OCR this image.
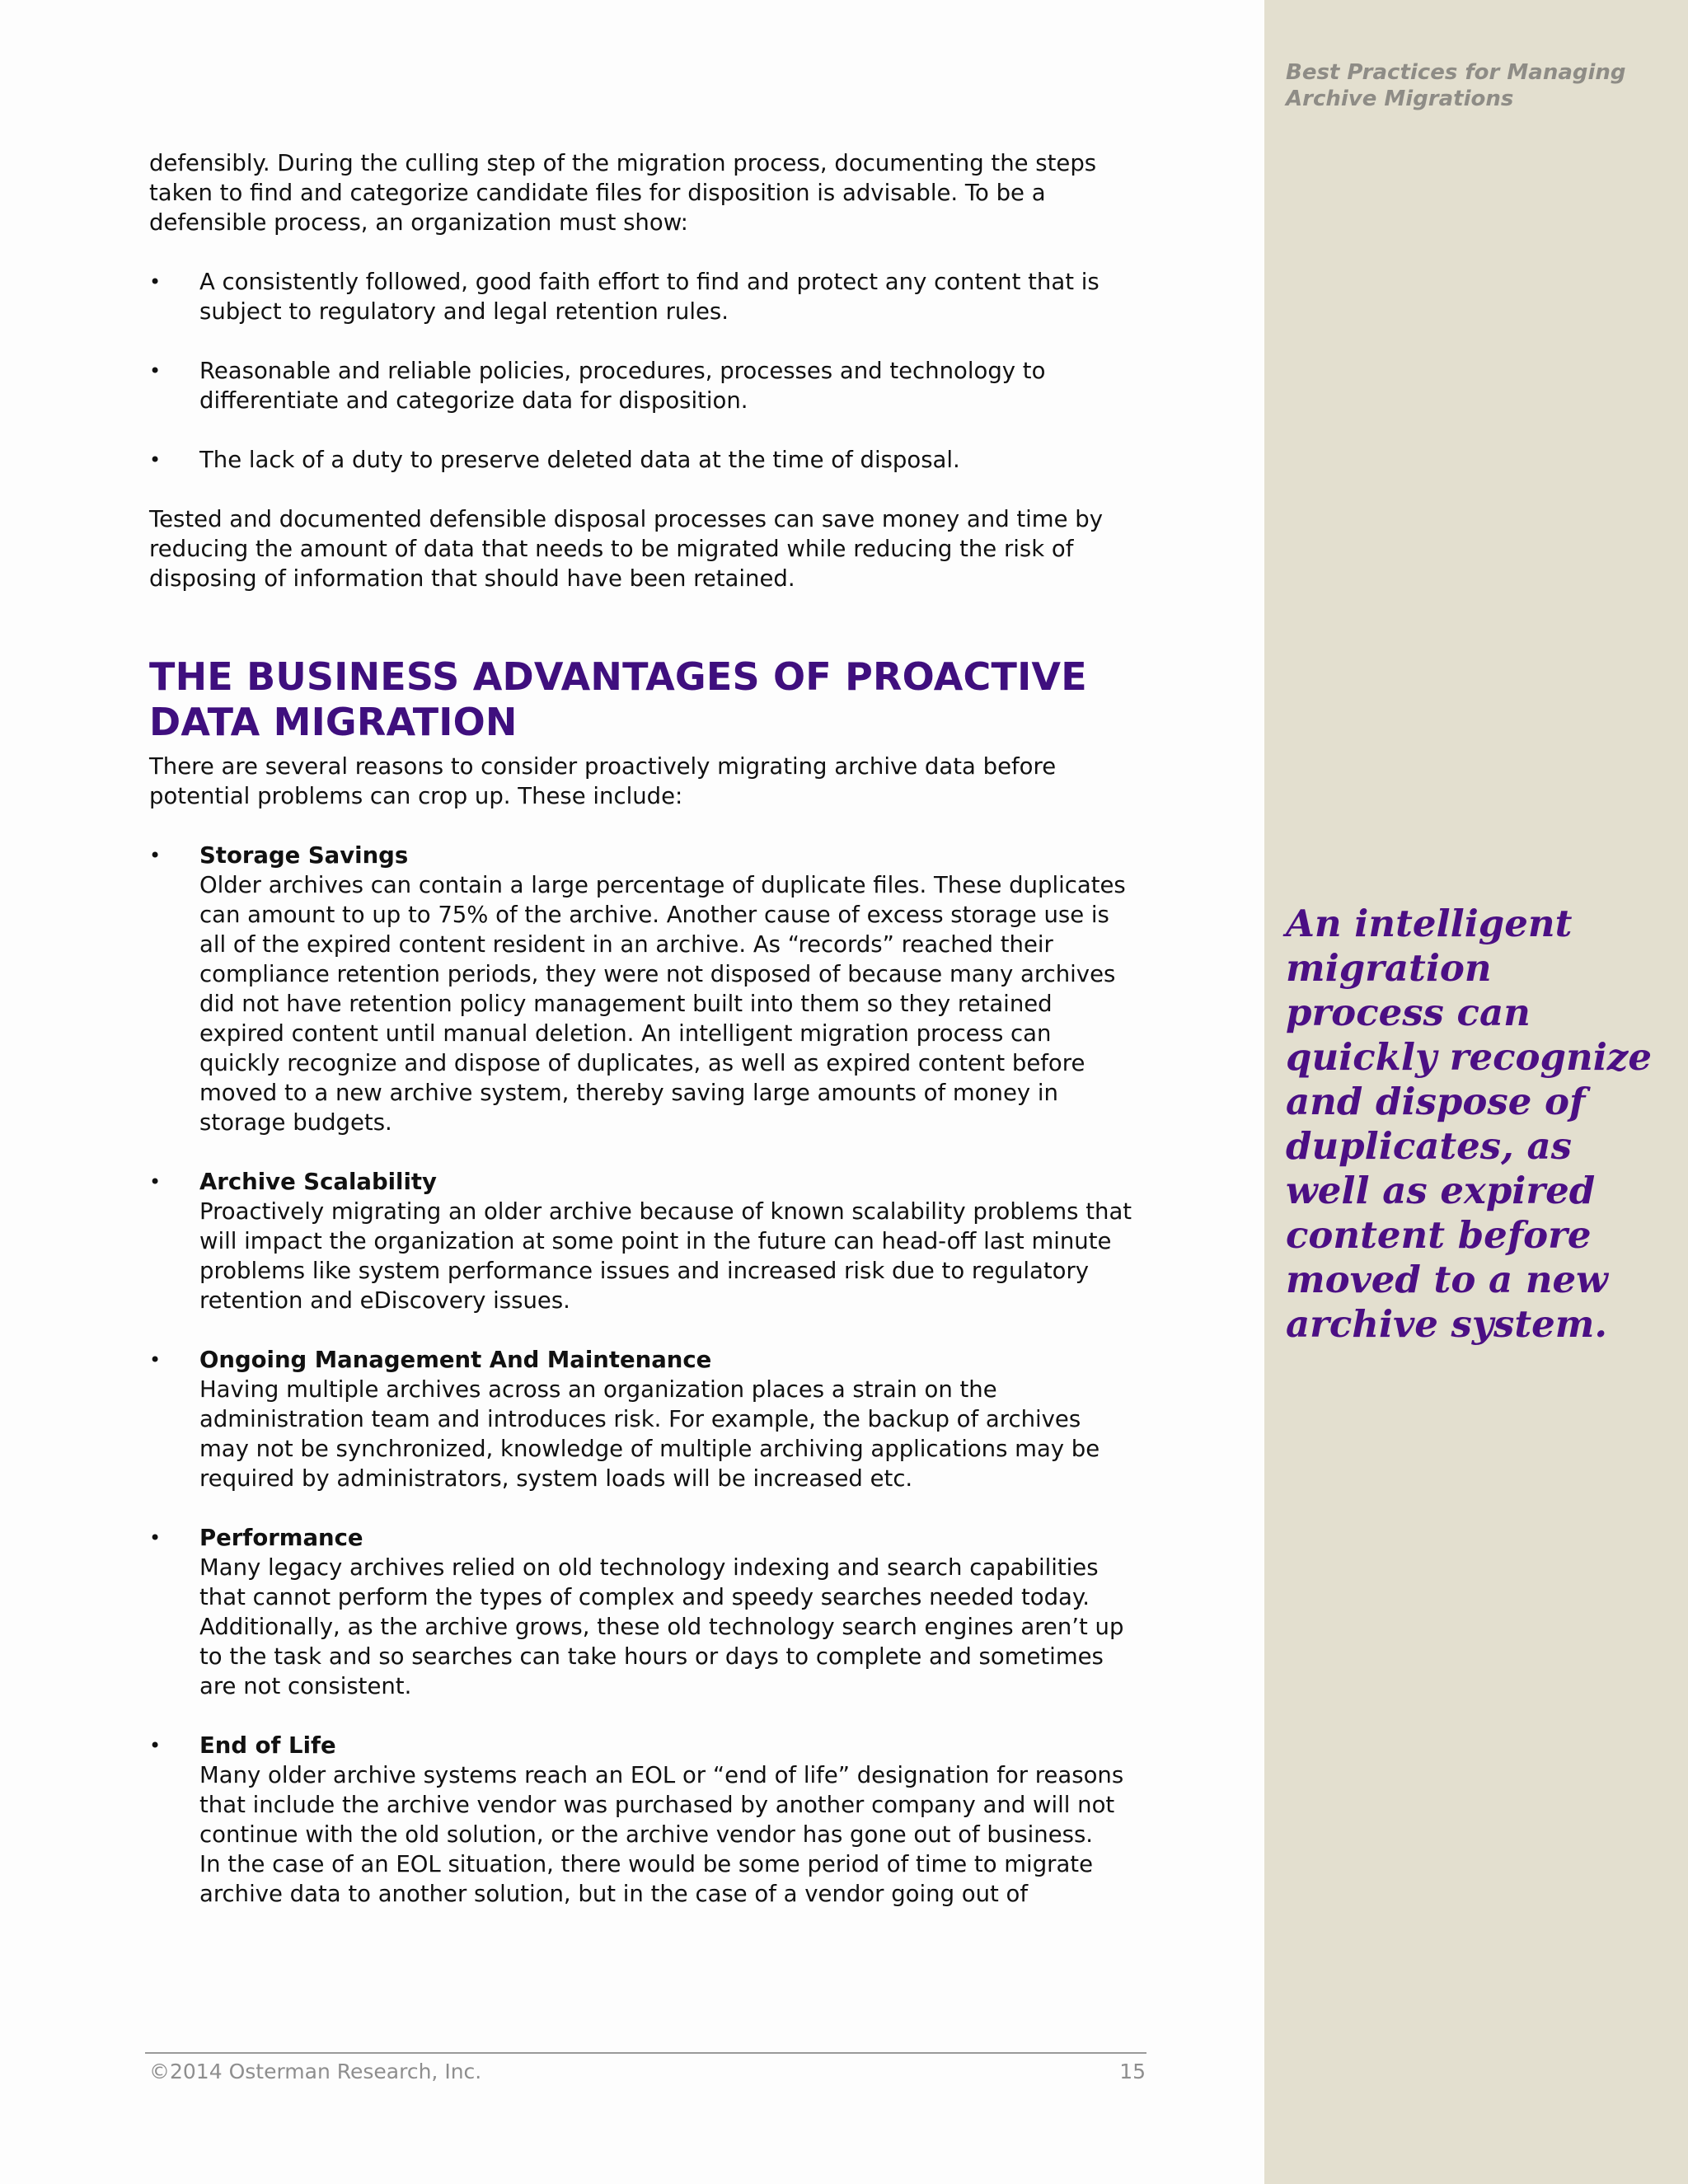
Best Practices for Managing
Archive Migrations
An intelligent
migration
process can
quickly recognize
and dispose of
duplicates, as
well as expired
content before
moved to a new
archive system.

defensibly. During the culling step of the migration process, documenting the steps
taken to find and categorize candidate files for disposition is advisable. To be a
defensible process, an organization must show:

•	A consistently followed, good faith effort to find and protect any content that is
subject to regulatory and legal retention rules.
•	Reasonable and reliable policies, procedures, processes and technology to
differentiate and categorize data for disposition.
•	The lack of a duty to preserve deleted data at the time of disposal.

Tested and documented defensible disposal processes can save money and time by
reducing the amount of data that needs to be migrated while reducing the risk of
disposing of information that should have been retained.

THE BUSINESS ADVANTAGES OF PROACTIVE
DATA MIGRATION

There are several reasons to consider proactively migrating archive data before
potential problems can crop up. These include:

•	Storage Savings
Older archives can contain a large percentage of duplicate files. These duplicates
can amount to up to 75% of the archive. Another cause of excess storage use is
all of the expired content resident in an archive. As “records” reached their
compliance retention periods, they were not disposed of because many archives
did not have retention policy management built into them so they retained
expired content until manual deletion. An intelligent migration process can
quickly recognize and dispose of duplicates, as well as expired content before
moved to a new archive system, thereby saving large amounts of money in
storage budgets.
•	Archive Scalability
Proactively migrating an older archive because of known scalability problems that
will impact the organization at some point in the future can head-off last minute
problems like system performance issues and increased risk due to regulatory
retention and eDiscovery issues.
•	Ongoing Management And Maintenance
Having multiple archives across an organization places a strain on the
administration team and introduces risk. For example, the backup of archives
may not be synchronized, knowledge of multiple archiving applications may be
required by administrators, system loads will be increased etc.
•	Performance
Many legacy archives relied on old technology indexing and search capabilities
that cannot perform the types of complex and speedy searches needed today.
Additionally, as the archive grows, these old technology search engines aren’t up
to the task and so searches can take hours or days to complete and sometimes
are not consistent.
•	End of Life
Many older archive systems reach an EOL or “end of life” designation for reasons
that include the archive vendor was purchased by another company and will not
continue with the old solution, or the archive vendor has gone out of business.
In the case of an EOL situation, there would be some period of time to migrate
archive data to another solution, but in the case of a vendor going out of
©2014 Osterman Research, Inc.	15
